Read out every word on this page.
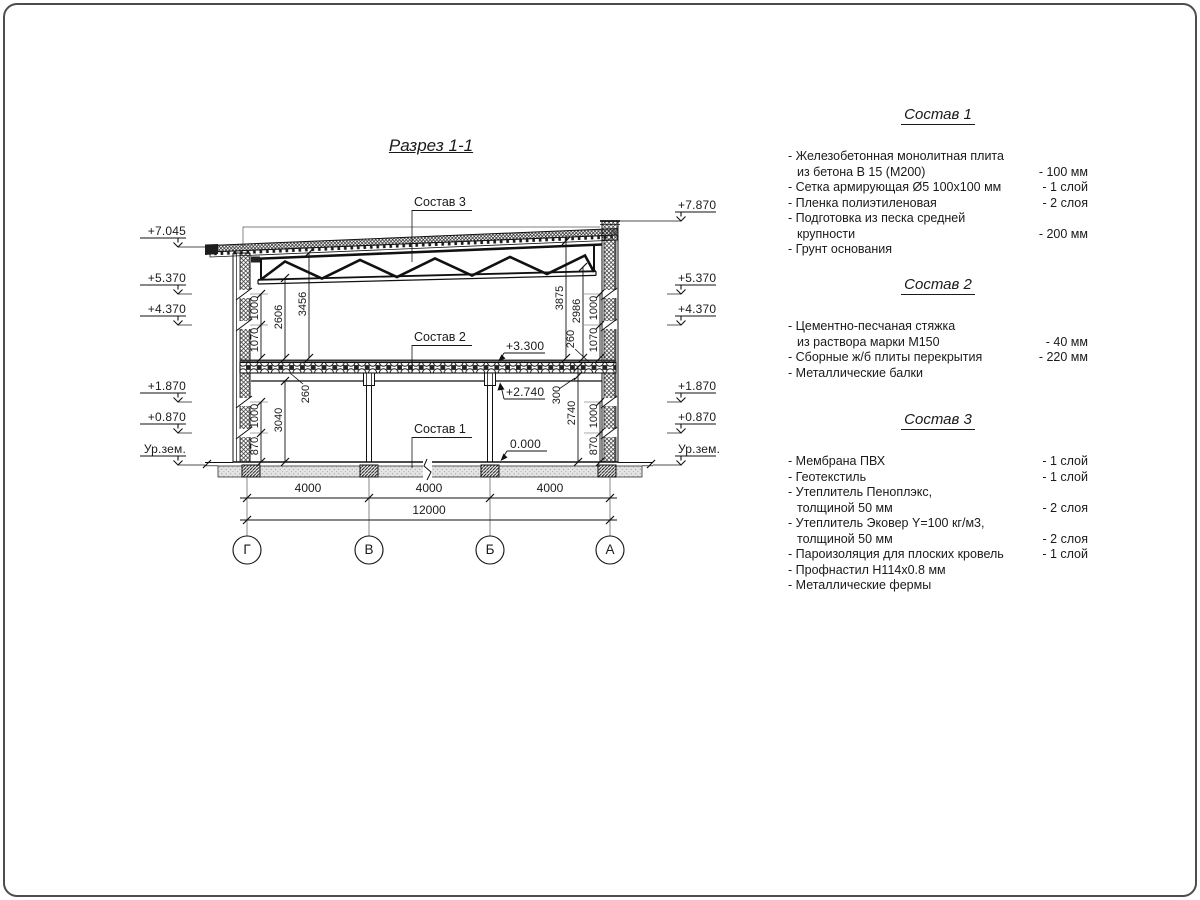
Разрез 1-1
Состав 3
Состав 2
Состав 1
+7.045
+5.370
+4.370
+1.870
+0.870
Ур.зем.
+7.870
+5.370
+4.370
+1.870
+0.870
Ур.зем.
+3.300
+2.740
0.000
870
1000 3040
260
1070
1000 2606
3456
870
1000
2740
300
1070
1000
260
2986
3875
4000	4000	4000
12000
Г	В	Б	А
Состав 1
- Железобетонная монолитная плита
из бетона В 15 (М200)	- 100 мм
- Сетка армирующая Ø5 100х100 мм	- 1 слой
- Пленка полиэтиленовая	- 2 слоя
- Подготовка из песка средней
крупности	- 200 мм
- Грунт основания
Состав 2
- Цементно-песчаная стяжка
из раствора марки М150	- 40 мм
- Сборные ж/б плиты перекрытия	- 220 мм
- Металлические балки
Состав 3
- Мембрана ПВХ	- 1 слой
- Геотекстиль	- 1 слой
- Утеплитель Пеноплэкс,
толщиной 50 мм	- 2 слоя
- Утеплитель Эковер Y=100 кг/м3,
толщиной 50 мм	- 2 слоя
- Пароизоляция для плоских кровель	- 1 слой
- Профнастил Н114х0.8 мм
- Металлические фермы
